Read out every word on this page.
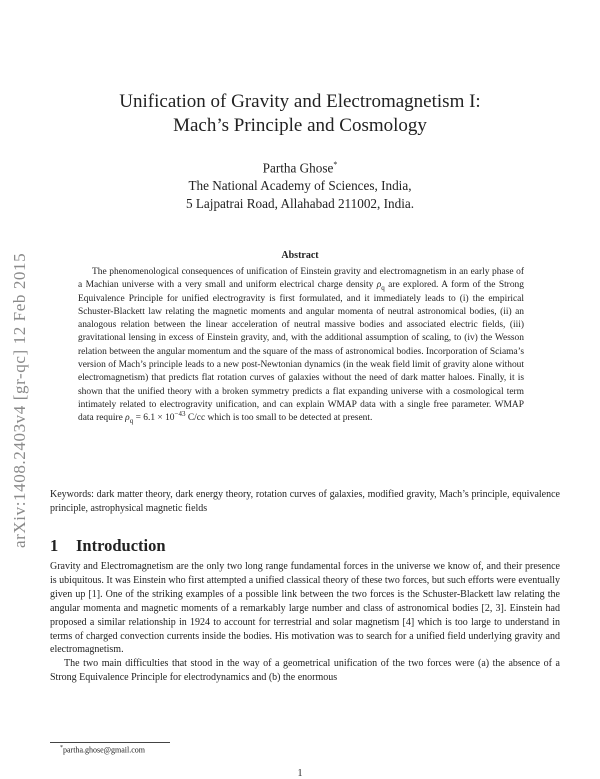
arXiv:1408.2403v4 [gr-qc] 12 Feb 2015
Unification of Gravity and Electromagnetism I:
Mach’s Principle and Cosmology
Partha Ghose*
The National Academy of Sciences, India,
5 Lajpatrai Road, Allahabad 211002, India.
Abstract

The phenomenological consequences of unification of Einstein gravity and electromagnetism in an early phase of a Machian universe with a very small and uniform electrical charge density $\rho_q$ are explored. A form of the Strong Equivalence Principle for unified electrogravity is first formulated, and it immediately leads to (i) the empirical Schuster-Blackett law relating the magnetic moments and angular momenta of neutral astronomical bodies, (ii) an analogous relation between the linear acceleration of neutral massive bodies and associated electric fields, (iii) gravitational lensing in excess of Einstein gravity, and, with the additional assumption of scaling, to (iv) the Wesson relation between the angular momentum and the square of the mass of astronomical bodies. Incorporation of Sciama’s version of Mach’s principle leads to a new post-Newtonian dynamics (in the weak field limit of gravity alone without electromagnetism) that predicts flat rotation curves of galaxies without the need of dark matter haloes. Finally, it is shown that the unified theory with a broken symmetry predicts a flat expanding universe with a cosmological term intimately related to electrogravity unification, and can explain WMAP data with a single free parameter. WMAP data require $\rho_q = 6.1 \times 10^{-43}$ C/cc which is too small to be detected at present.

Keywords: dark matter theory, dark energy theory, rotation curves of galaxies, modified gravity, Mach’s principle, equivalence principle, astrophysical magnetic fields

1 Introduction

Gravity and Electromagnetism are the only two long range fundamental forces in the universe we know of, and their presence is ubiquitous. It was Einstein who first attempted a unified classical theory of these two forces, but such efforts were eventually given up [1]. One of the striking examples of a possible link between the two forces is the Schuster-Blackett law relating the angular momenta and magnetic moments of a remarkably large number and class of astronomical bodies [2, 3]. Einstein had proposed a similar relationship in 1924 to account for terrestrial and solar magnetism [4] which is too large to understand in terms of charged convection currents inside the bodies. His motivation was to search for a unified field underlying gravity and electromagnetism.

The two main difficulties that stood in the way of a geometrical unification of the two forces were (a) the absence of a Strong Equivalence Principle for electrodynamics and (b) the enormous

*partha.ghose@gmail.com
1
